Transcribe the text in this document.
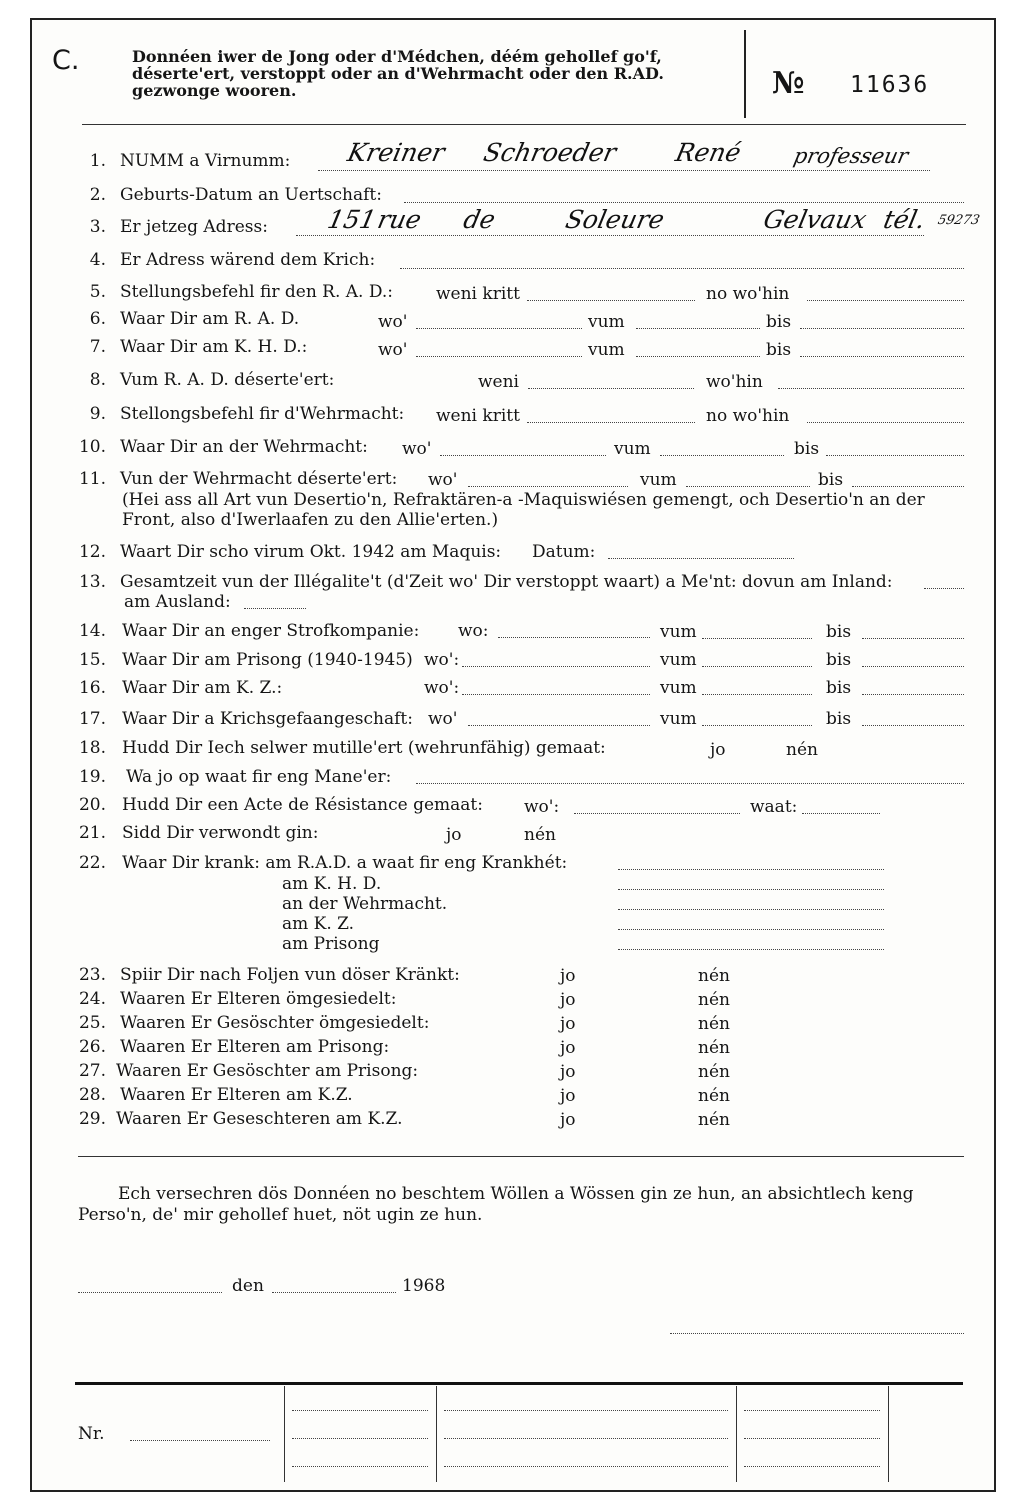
C.	Donnéen iwer de Jong oder d'Médchen, déém gehollef go'f, déserte'ert, verstoppt oder an d'Wehrmacht oder den R.AD. gezwonge wooren.	№ 11636
1. NUMM a Virnumm: Kreiner Schroeder René professeur
2. Geburts-Datum an Uertschaft:
3. Er jetzeg Adress: 151
rue de	Soleure	Gelvaux tél. 59273
4. Er Adress wärend dem Krich:
5. Stellungsbefehl fir den R. A. D.:	weni kritt	no wo'hin
6. Waar Dir am R. A. D.	wo'	vum	bis
7. Waar Dir am K. H. D.:	wo'	vum	bis
8. Vum R. A. D. déserte'ert:	weni	wo'hin
9. Stellongsbefehl fir d'Wehrmacht: weni kritt	no wo'hin
10. Waar Dir an der Wehrmacht: wo'	vum	bis
11. Vun der Wehrmacht déserte'ert: wo'	vum	bis
(Hei ass all Art vun Desertio'n, Refraktären-a -Maquiswiésen gemengt, och Desertio'n an der Front, also d'Iwerlaafen zu den Allie'erten.)
12. Waart Dir scho virum Okt. 1942 am Maquis: Datum:
13. Gesamtzeit vun der Illégalite't (d'Zeit wo' Dir verstoppt waart) a Me'nt: dovun am Inland:
am Ausland:
14. Waar Dir an enger Strofkompanie: wo:	vum	bis
15. Waar Dir am Prisong (1940-1945) wo':	vum	bis
16. Waar Dir am K. Z.:	wo':	vum	bis
17. Waar Dir a Krichsgefaangeschaft: wo'	vum	bis
18. Hudd Dir Iech selwer mutille'ert (wehrunfähig) gemaat:	jo	nén
19. Wa jo op waat fir eng Mane'er:
20. Hudd Dir een Acte de Résistance gemaat: wo':	waat:
21. Sidd Dir verwondt gin:	jo	nén
22. Waar Dir krank: am R.A.D. a waat fir eng Krankhét:
am K. H. D.
an der Wehrmacht.
am K. Z.
am Prisong
23. Spiir Dir nach Foljen vun döser Kränkt:	jo	nén
24. Waaren Er Elteren ömgesiedelt:	jo	nén
25. Waaren Er Gesöschter ömgesiedelt:	jo	nén
26. Waaren Er Elteren am Prisong:	jo	nén
27. Waaren Er Gesöschter am Prisong:	jo	nén
28. Waaren Er Elteren am K.Z.	jo	nén
29. Waaren Er Geseschteren am K.Z.	jo	nén
Ech versechren dös Donnéen no beschtem Wöllen a Wössen gin ze hun, an absichtlech keng Perso'n, de' mir gehollef huet, nöt ugin ze hun.
den	1968
Nr.
